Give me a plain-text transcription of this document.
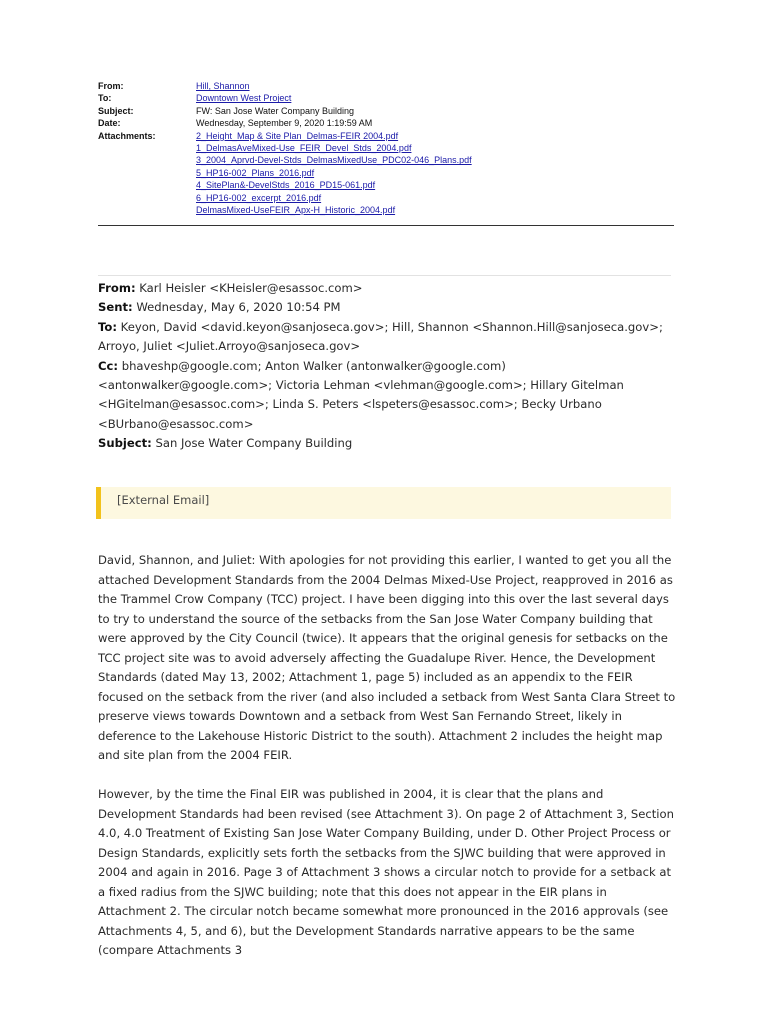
From:	Hill, Shannon
To:	Downtown West Project
Subject:	FW: San Jose Water Company Building
Date:	Wednesday, September 9, 2020 1:19:59 AM
Attachments:	2_Height_Map & Site Plan_Delmas-FEIR 2004.pdf
1_DelmasAveMixed-Use_FEIR_Devel_Stds_2004.pdf
3_2004_Aprvd-Devel-Stds_DelmasMixedUse_PDC02-046_Plans.pdf
5_HP16-002_Plans_2016.pdf
4_SitePlan&-DevelStds_2016_PD15-061.pdf
6_HP16-002_excerpt_2016.pdf
DelmasMixed-UseFEIR_Apx-H_Historic_2004.pdf

From: Karl Heisler <KHeisler@esassoc.com>

Sent: Wednesday, May 6, 2020 10:54 PM

To: Keyon, David <david.keyon@sanjoseca.gov>; Hill, Shannon <Shannon.Hill@sanjoseca.gov>; Arroyo, Juliet <Juliet.Arroyo@sanjoseca.gov>

Cc: bhaveshp@google.com; Anton Walker (antonwalker@google.com) <antonwalker@google.com>; Victoria Lehman <vlehman@google.com>; Hillary Gitelman <HGitelman@esassoc.com>; Linda S. Peters <lspeters@esassoc.com>; Becky Urbano <BUrbano@esassoc.com>

Subject: San Jose Water Company Building

[External Email]

David, Shannon, and Juliet: With apologies for not providing this earlier, I wanted to get you all the attached Development Standards from the 2004 Delmas Mixed-Use Project, reapproved in 2016 as the Trammel Crow Company (TCC) project. I have been digging into this over the last several days to try to understand the source of the setbacks from the San Jose Water Company building that were approved by the City Council (twice). It appears that the original genesis for setbacks on the TCC project site was to avoid adversely affecting the Guadalupe River. Hence, the Development Standards (dated May 13, 2002; Attachment 1, page 5) included as an appendix to the FEIR focused on the setback from the river (and also included a setback from West Santa Clara Street to preserve views towards Downtown and a setback from West San Fernando Street, likely in deference to the Lakehouse Historic District to the south). Attachment 2 includes the height map and site plan from the 2004 FEIR.

However, by the time the Final EIR was published in 2004, it is clear that the plans and Development Standards had been revised (see Attachment 3). On page 2 of Attachment 3, Section 4.0, 4.0 Treatment of Existing San Jose Water Company Building, under D. Other Project Process or Design Standards, explicitly sets forth the setbacks from the SJWC building that were approved in 2004 and again in 2016. Page 3 of Attachment 3 shows a circular notch to provide for a setback at a fixed radius from the SJWC building; note that this does not appear in the EIR plans in Attachment 2. The circular notch became somewhat more pronounced in the 2016 approvals (see Attachments 4, 5, and 6), but the Development Standards narrative appears to be the same (compare Attachments 3
